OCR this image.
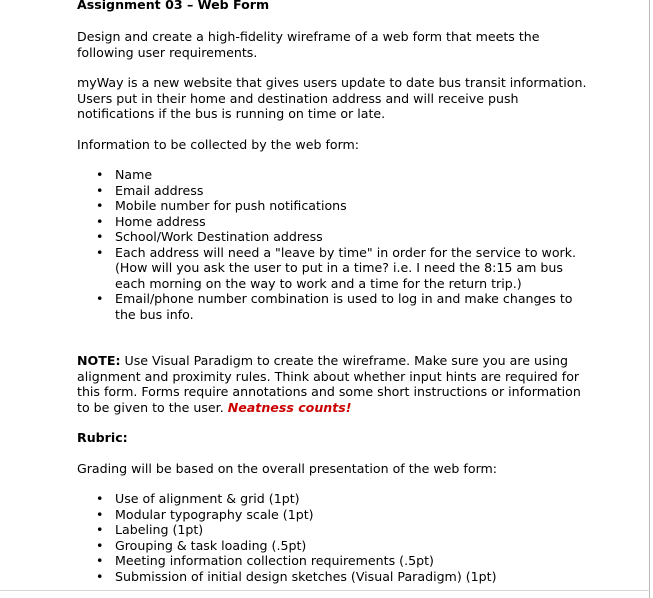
Assignment 03 – Web Form

Design and create a high-fidelity wireframe of a web form that meets the following user requirements.

myWay is a new website that gives users update to date bus transit information. Users put in their home and destination address and will receive push notifications if the bus is running on time or late.

Information to be collected by the web form:

• Name
• Email address
• Mobile number for push notifications
• Home address
• School/Work Destination address
• Each address will need a "leave by time" in order for the service to work. (How will you ask the user to put in a time? i.e. I need the 8:15 am bus each morning on the way to work and a time for the return trip.)
• Email/phone number combination is used to log in and make changes to the bus info.

NOTE: Use Visual Paradigm to create the wireframe. Make sure you are using alignment and proximity rules. Think about whether input hints are required for this form. Forms require annotations and some short instructions or information to be given to the user. Neatness counts!

Rubric:

Grading will be based on the overall presentation of the web form:

• Use of alignment & grid (1pt)
• Modular typography scale (1pt)
• Labeling (1pt)
• Grouping & task loading (.5pt)
• Meeting information collection requirements (.5pt)
• Submission of initial design sketches (Visual Paradigm) (1pt)
